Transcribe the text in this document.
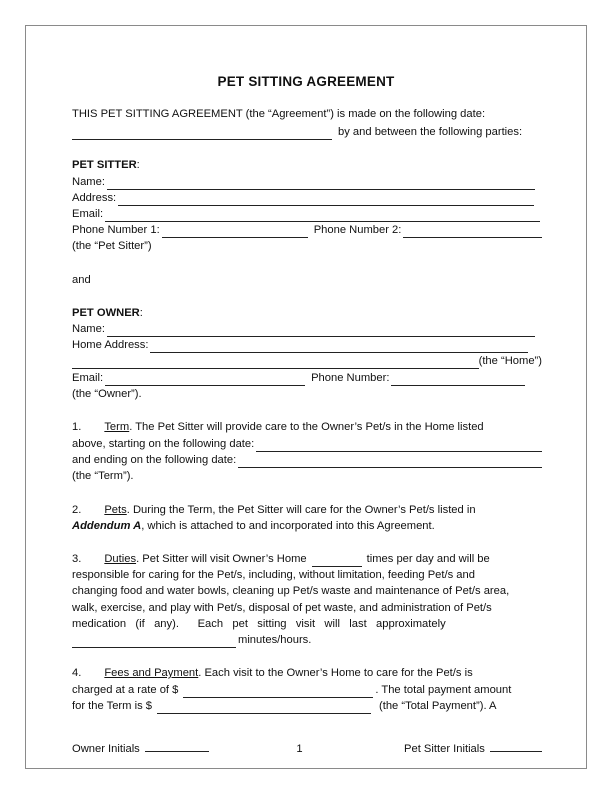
PET SITTING AGREEMENT
THIS PET SITTING AGREEMENT (the “Agreement”) is made on the following date:
by and between the following parties:
PET SITTER :
Name:
Address:
Email:
Phone Number 1:	Phone Number 2:
(the “Pet Sitter”)
and
PET OWNER :
Name:
Home Address:
(the “Home”)
Email:	Phone Number:
(the “Owner”).
1. Term . The Pet Sitter will provide care to the Owner’s Pet/s in the Home listed
above, starting on the following date:
and ending on the following date:
(the “Term”).
2. Pets . During the Term, the Pet Sitter will care for the Owner’s Pet/s listed in
Addendum A , which is attached to and incorporated into this Agreement.
3. Duties . Pet Sitter will visit Owner’s Home	times per day and will be
responsible for caring for the Pet/s, including, without limitation, feeding Pet/s and
changing food and water bowls, cleaning up Pet/s waste and maintenance of Pet/s area,
walk, exercise, and play with Pet/s, disposal of pet waste, and administration of Pet/s
medication   (if   any).      Each   pet   sitting   visit   will   last   approximately
minutes/hours.
4. Fees and Payment . Each visit to the Owner’s Home to care for the Pet/s is
charged at a rate of $	. The total payment amount
for the Term is $	(the “Total Payment”). A
Owner Initials	1	Pet Sitter Initials
